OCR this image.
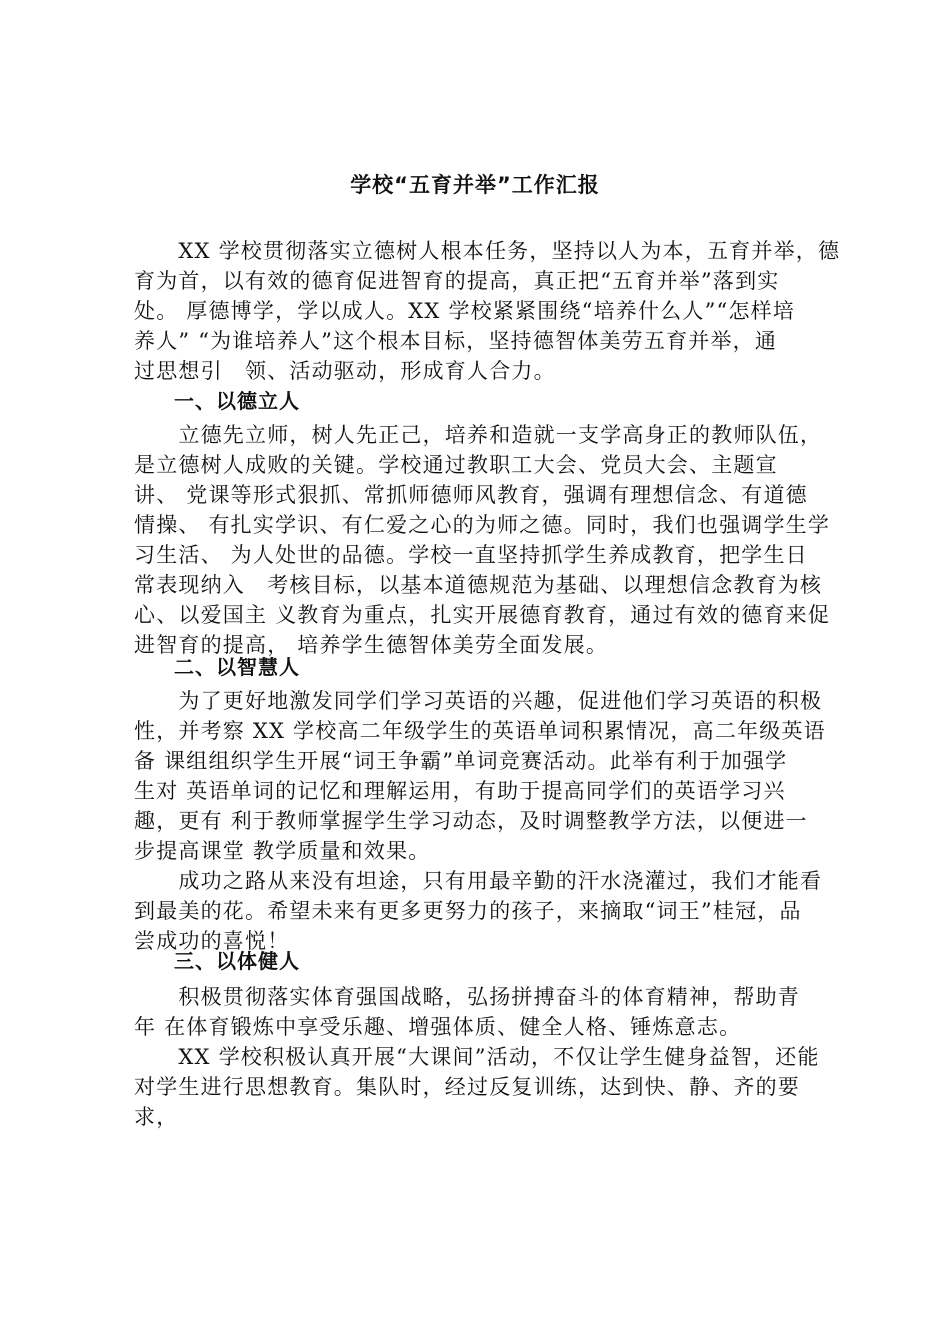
学校“五育并举”工作汇报
　　XX 学校贯彻落实立德树人根本任务，坚持以人为本，五育并举，德
育为首，以有效的德育促进智育的提高，真正把“五育并举”落到实
处。 厚德博学，学以成人。XX 学校紧紧围绕“培养什么人”“怎样培
养人” “为谁培养人”这个根本目标，坚持德智体美劳五育并举，通
过思想引　领、活动驱动，形成育人合力。
一、以德立人
　　立德先立师，树人先正己，培养和造就一支学高身正的教师队伍，
是立德树人成败的关键。学校通过教职工大会、党员大会、主题宣
讲、 党课等形式狠抓、常抓师德师风教育，强调有理想信念、有道德
情操、 有扎实学识、有仁爱之心的为师之德。同时，我们也强调学生学
习生活、 为人处世的品德。学校一直坚持抓学生养成教育，把学生日
常表现纳入　考核目标，以基本道德规范为基础、以理想信念教育为核
心、以爱国主 义教育为重点，扎实开展德育教育，通过有效的德育来促
进智育的提高， 培养学生德智体美劳全面发展。
二、以智慧人
　　为了更好地激发同学们学习英语的兴趣，促进他们学习英语的积极
性，并考察 XX 学校高二年级学生的英语单词积累情况，高二年级英语
备 课组组织学生开展“词王争霸”单词竞赛活动。此举有利于加强学
生对 英语单词的记忆和理解运用，有助于提高同学们的英语学习兴
趣，更有 利于教师掌握学生学习动态，及时调整教学方法，以便进一
步提高课堂 教学质量和效果。
　　成功之路从来没有坦途，只有用最辛勤的汗水浇灌过，我们才能看
到最美的花。希望未来有更多更努力的孩子，来摘取“词王”桂冠，品
尝成功的喜悦！
三、以体健人
　　积极贯彻落实体育强国战略，弘扬拼搏奋斗的体育精神，帮助青
年 在体育锻炼中享受乐趣、增强体质、健全人格、锤炼意志。
　　XX 学校积极认真开展“大课间”活动，不仅让学生健身益智，还能
对学生进行思想教育。集队时，经过反复训练，达到快、静、齐的要
求，
